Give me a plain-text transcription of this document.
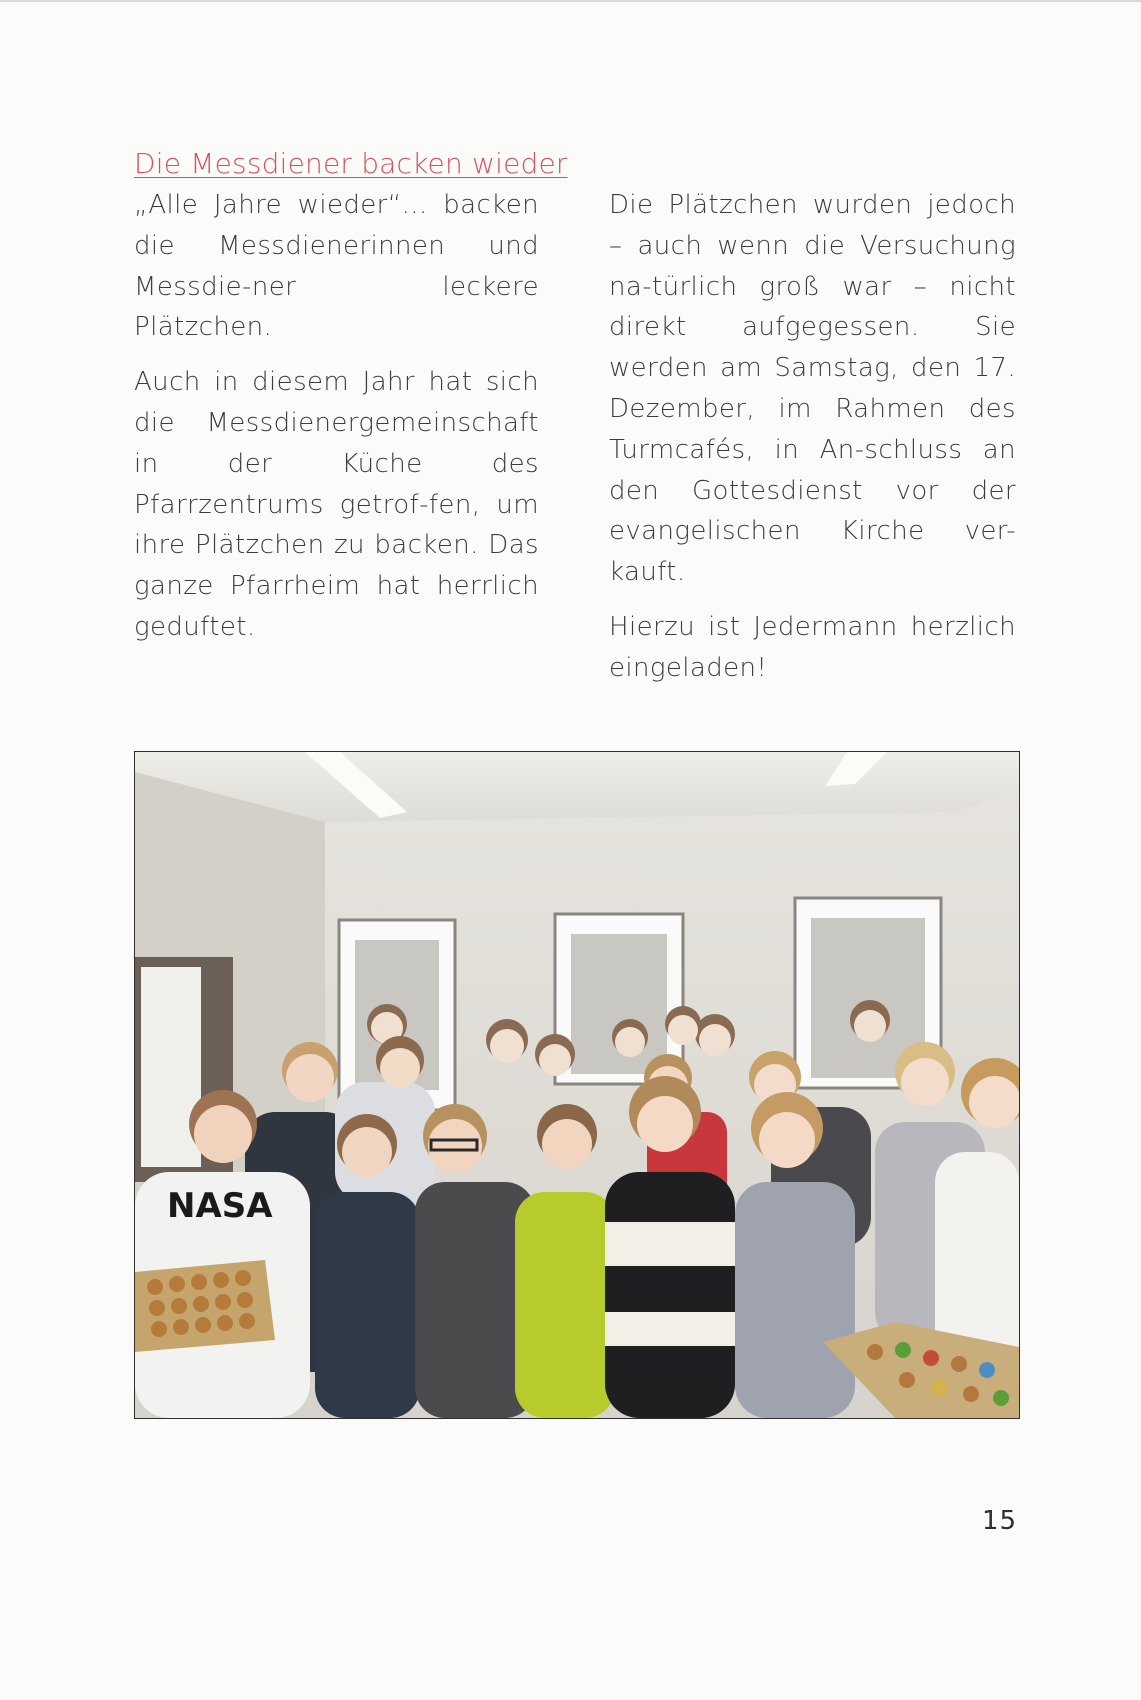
Die Messdiener backen wieder

„Alle Jahre wieder“... backen die Messdienerinnen und Messdie-ner leckere Plätzchen.

Auch in diesem Jahr hat sich die Messdienergemeinschaft in der Küche des Pfarrzentrums getrof-fen, um ihre Plätzchen zu backen. Das ganze Pfarrheim hat herrlich geduftet.

Die Plätzchen wurden jedoch – auch wenn die Versuchung na-türlich groß war – nicht direkt aufgegessen. Sie werden am Samstag, den 17. Dezember, im Rahmen des Turmcafés, in An-schluss an den Gottesdienst vor der evangelischen Kirche ver-kauft.

Hierzu ist Jedermann herzlich eingeladen!

NASA
15
